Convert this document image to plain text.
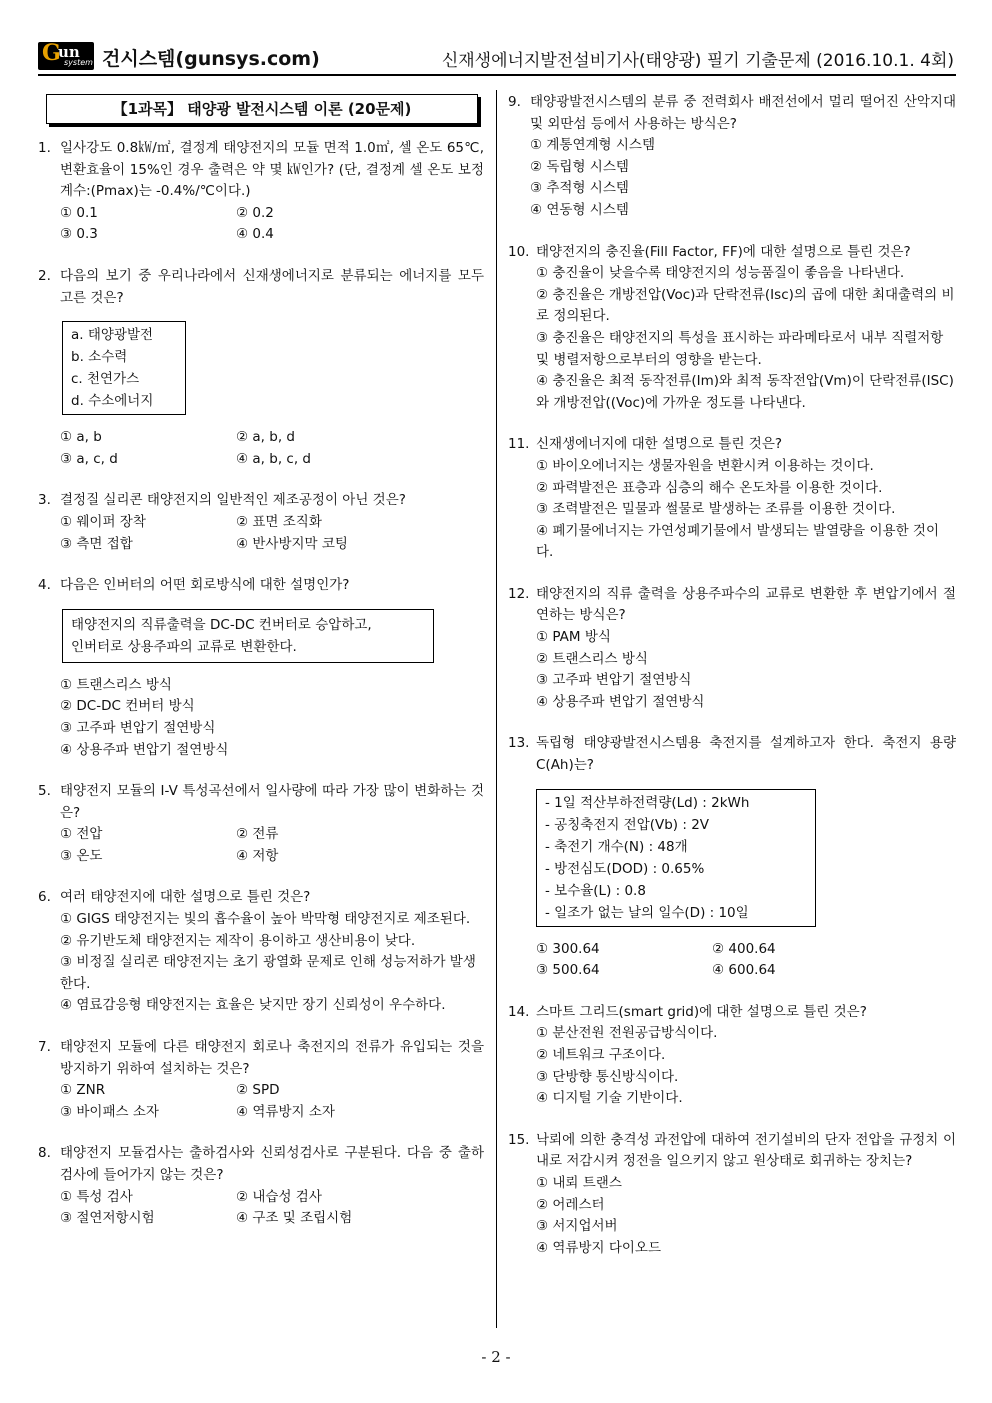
G
un
system 건시스템(gunsys.com)	신재생에너지발전설비기사(태양광) 필기 기출문제 (2016.10.1. 4회)
【1과목】 태양광 발전시스템 이론 (20문제)
1. 일사강도 0.8㎾/㎡, 결정계 태양전지의 모듈 면적 1.0㎡, 셀 온도 65℃, 변환효율이 15%인 경우 출력은 약 몇 ㎾인가? (단, 결정계 셀 온도 보정계수:(Pmax)는 -0.4%/℃이다.)
① 0.1	② 0.2
③ 0.3	④ 0.4
2. 다음의 보기 중 우리나라에서 신재생에너지로 분류되는 에너지를 모두 고른 것은?
a. 태양광발전
b. 소수력
c. 천연가스
d. 수소에너지
① a, b	② a, b, d
③ a, c, d	④ a, b, c, d
3. 결정질 실리콘 태양전지의 일반적인 제조공정이 아닌 것은?
① 웨이퍼 장착	② 표면 조직화
③ 측면 접합	④ 반사방지막 코팅
4. 다음은 인버터의 어떤 회로방식에 대한 설명인가?
태양전지의 직류출력을 DC-DC 컨버터로 승압하고,
인버터로 상용주파의 교류로 변환한다.
① 트랜스리스 방식
② DC-DC 컨버터 방식
③ 고주파 변압기 절연방식
④ 상용주파 변압기 절연방식
5. 태양전지 모듈의 I-V 특성곡선에서 일사량에 따라 가장 많이 변화하는 것은?
① 전압	② 전류
③ 온도	④ 저항
6. 여러 태양전지에 대한 설명으로 틀린 것은?
① GIGS 태양전지는 빛의 흡수율이 높아 박막형 태양전지로 제조된다.
② 유기반도체 태양전지는 제작이 용이하고 생산비용이 낮다.
③ 비정질 실리콘 태양전지는 초기 광열화 문제로 인해 성능저하가 발생한다.
④ 염료감응형 태양전지는 효율은 낮지만 장기 신뢰성이 우수하다.
7. 태양전지 모듈에 다른 태양전지 회로나 축전지의 전류가 유입되는 것을 방지하기 위하여 설치하는 것은?
① ZNR	② SPD
③ 바이패스 소자	④ 역류방지 소자
8. 태양전지 모듈검사는 출하검사와 신뢰성검사로 구분된다. 다음 중 출하검사에 들어가지 않는 것은?
① 특성 검사	② 내습성 검사
③ 절연저항시험	④ 구조 및 조립시험
9. 태양광발전시스템의 분류 중 전력회사 배전선에서 멀리 떨어진 산악지대 및 외딴섬 등에서 사용하는 방식은?
① 계통연계형 시스템
② 독립형 시스템
③ 추적형 시스템
④ 연동형 시스템
10. 태양전지의 충진율(Fill Factor, FF)에 대한 설명으로 틀린 것은?
① 충진율이 낮을수록 태양전지의 성능품질이 좋음을 나타낸다.
② 충진율은 개방전압(Voc)과 단락전류(Isc)의 곱에 대한 최대출력의 비로 정의된다.
③ 충진율은 태양전지의 특성을 표시하는 파라메타로서 내부 직렬저항 및 병렬저항으로부터의 영향을 받는다.
④ 충진율은 최적 동작전류(Im)와 최적 동작전압(Vm)이 단락전류(ISC)와 개방전압((Voc)에 가까운 정도를 나타낸다.
11. 신재생에너지에 대한 설명으로 틀린 것은?
① 바이오에너지는 생물자원을 변환시켜 이용하는 것이다.
② 파력발전은 표층과 심층의 해수 온도차를 이용한 것이다.
③ 조력발전은 밀물과 썰물로 발생하는 조류를 이용한 것이다.
④ 폐기물에너지는 가연성폐기물에서 발생되는 발열량을 이용한 것이다.
12. 태양전지의 직류 출력을 상용주파수의 교류로 변환한 후 변압기에서 절연하는 방식은?
① PAM 방식
② 트랜스리스 방식
③ 고주파 변압기 절연방식
④ 상용주파 변압기 절연방식
13. 독립형 태양광발전시스템용 축전지를 설계하고자 한다. 축전지 용량 C(Ah)는?
- 1일 적산부하전력량(Ld) : 2kWh
- 공칭축전지 전압(Vb) : 2V
- 축전기 개수(N) : 48개
- 방전심도(DOD) : 0.65%
- 보수율(L) : 0.8
- 일조가 없는 날의 일수(D) : 10일
① 300.64	② 400.64
③ 500.64	④ 600.64
14. 스마트 그리드(smart grid)에 대한 설명으로 틀린 것은?
① 분산전원 전원공급방식이다.
② 네트워크 구조이다.
③ 단방향 통신방식이다.
④ 디지털 기술 기반이다.
15. 낙뢰에 의한 충격성 과전압에 대하여 전기설비의 단자 전압을 규정치 이내로 저감시켜 정전을 일으키지 않고 원상태로 회귀하는 장치는?
① 내뢰 트랜스
② 어레스터
③ 서지업서버
④ 역류방지 다이오드
- 2 -
